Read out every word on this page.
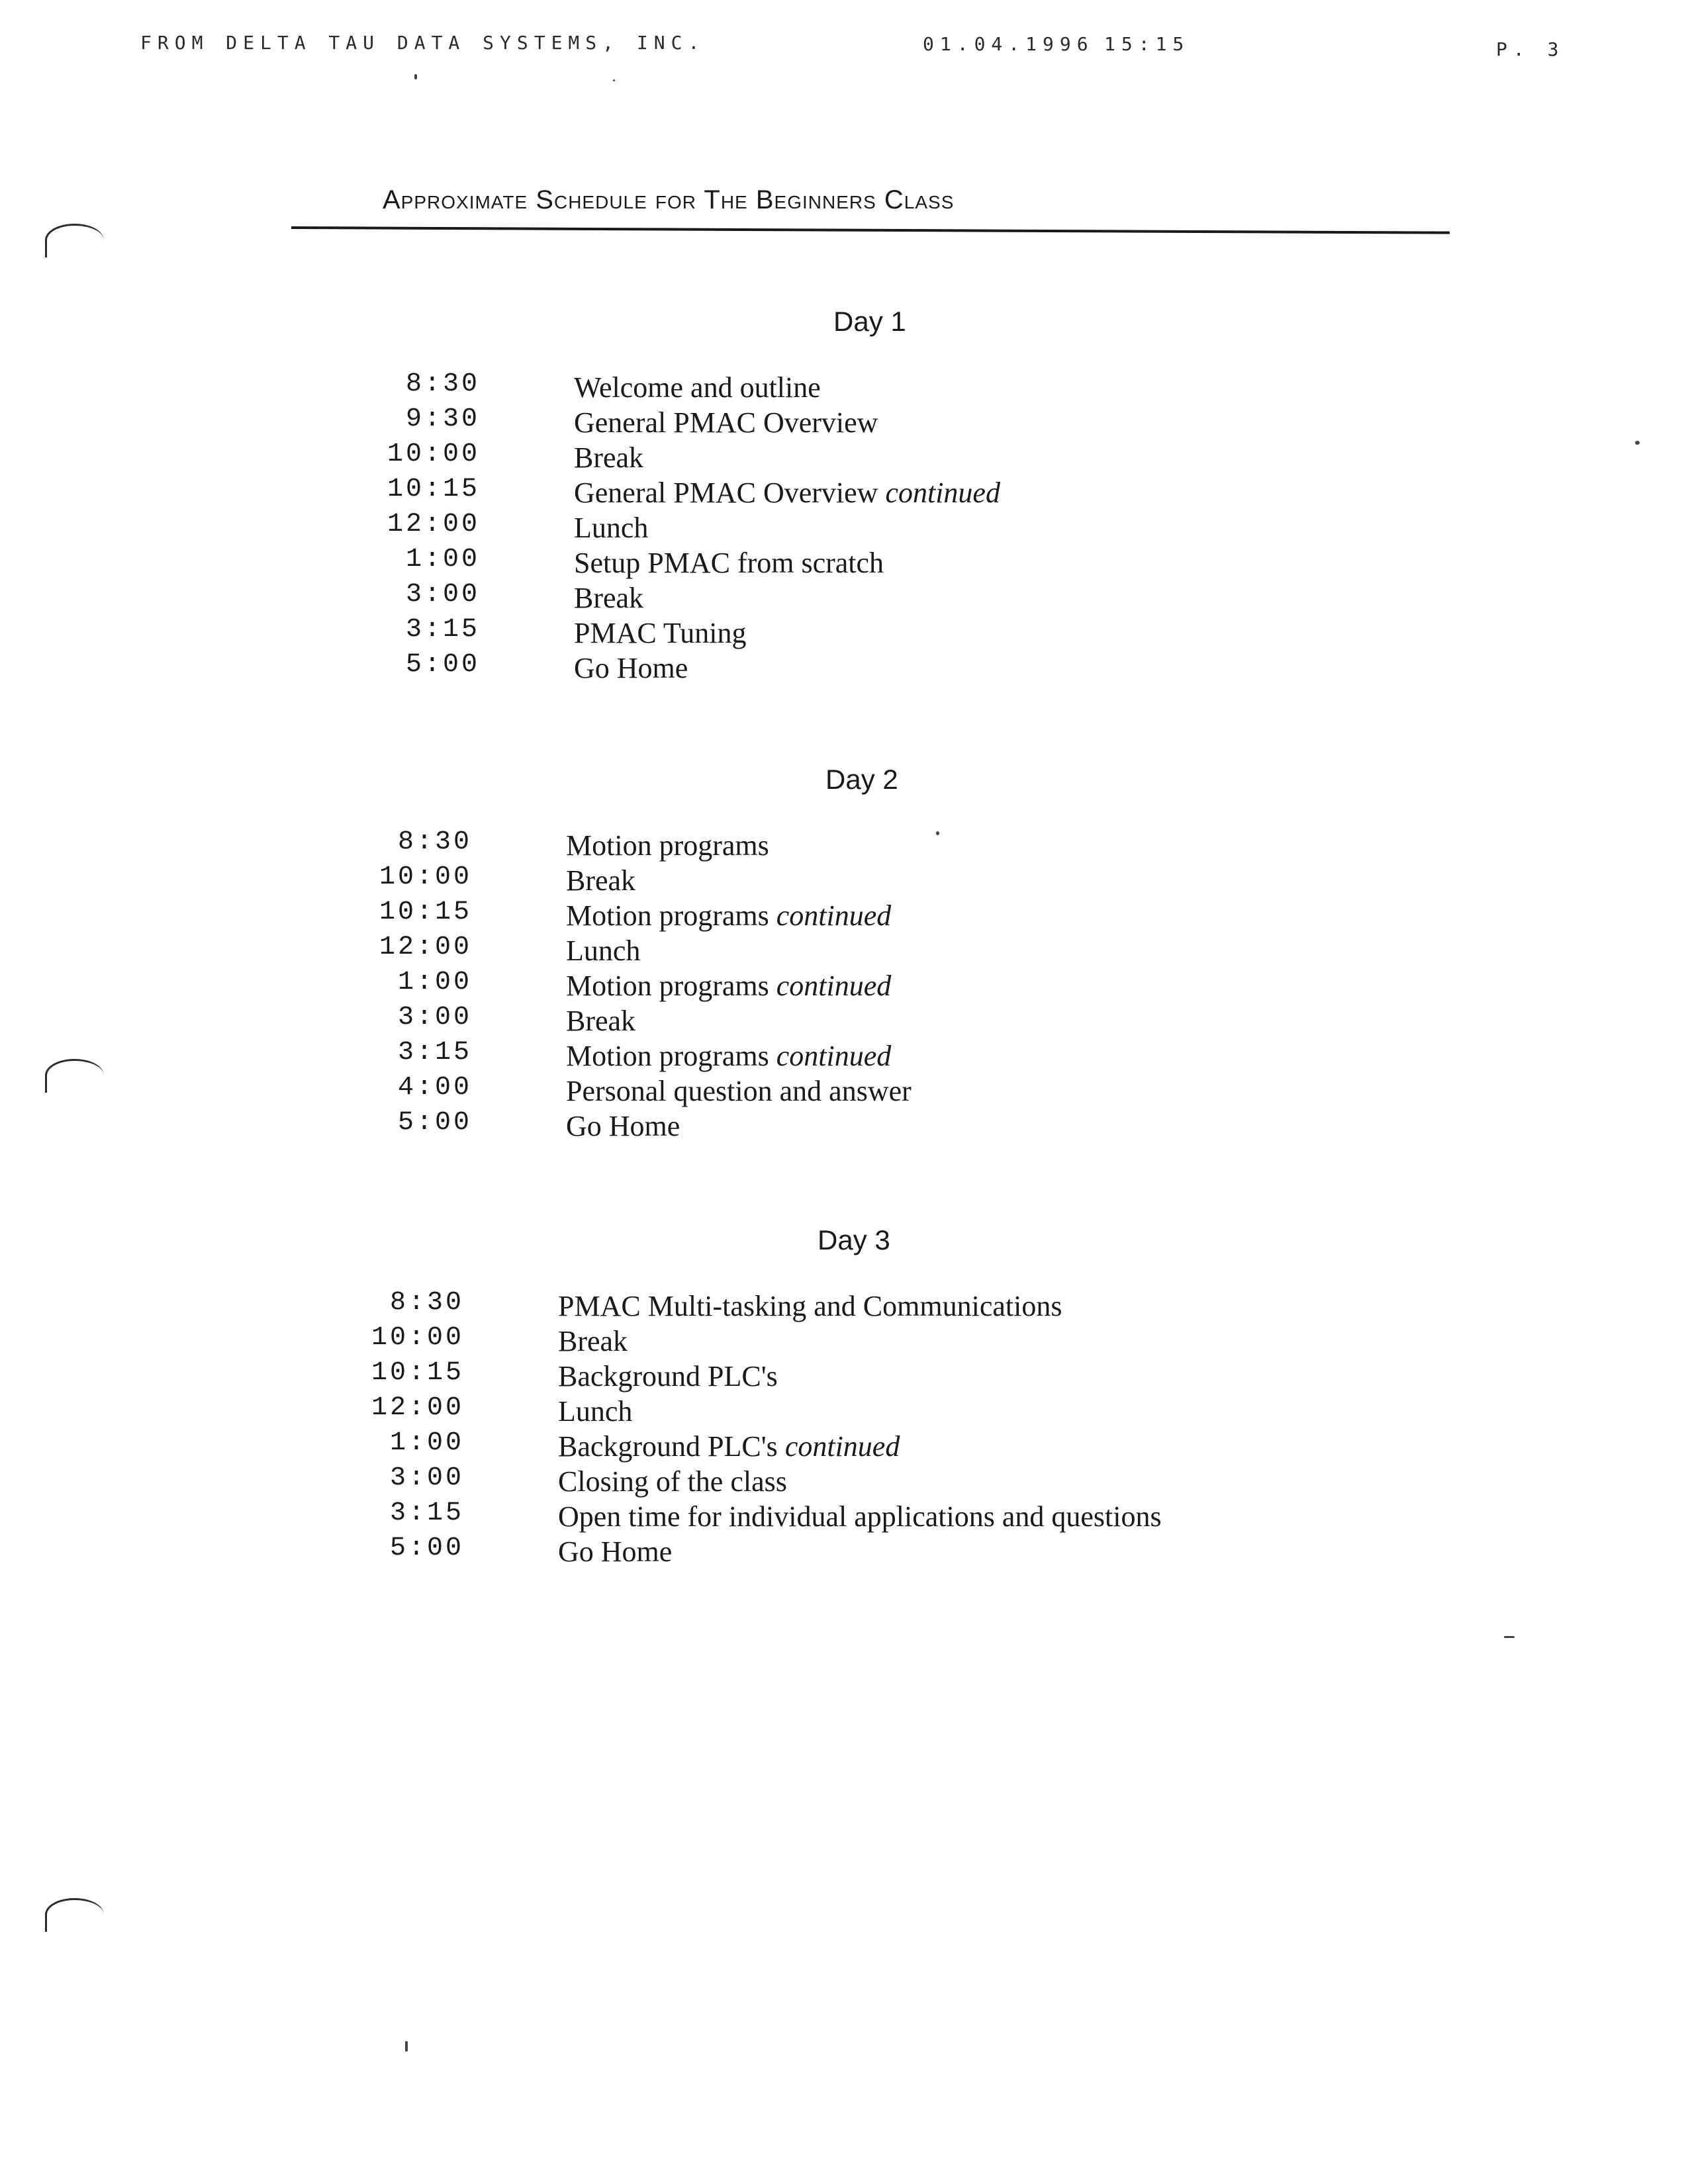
FROM DELTA TAU DATA SYSTEMS, INC.	01.04.1996 15:15	P. 3
Approximate Schedule for The Beginners Class
Day 1
8:30	Welcome and outline
9:30	General PMAC Overview
10:00	Break
10:15	General PMAC Overview continued
12:00	Lunch
1:00	Setup PMAC from scratch
3:00	Break
3:15	PMAC Tuning
5:00	Go Home
Day 2
8:30	Motion programs
10:00	Break
10:15	Motion programs continued
12:00	Lunch
1:00	Motion programs continued
3:00	Break
3:15	Motion programs continued
4:00	Personal question and answer
5:00	Go Home
Day 3
8:30	PMAC Multi-tasking and Communications
10:00	Break
10:15	Background PLC's
12:00	Lunch
1:00	Background PLC's continued
3:00	Closing of the class
3:15	Open time for individual applications and questions
5:00	Go Home
